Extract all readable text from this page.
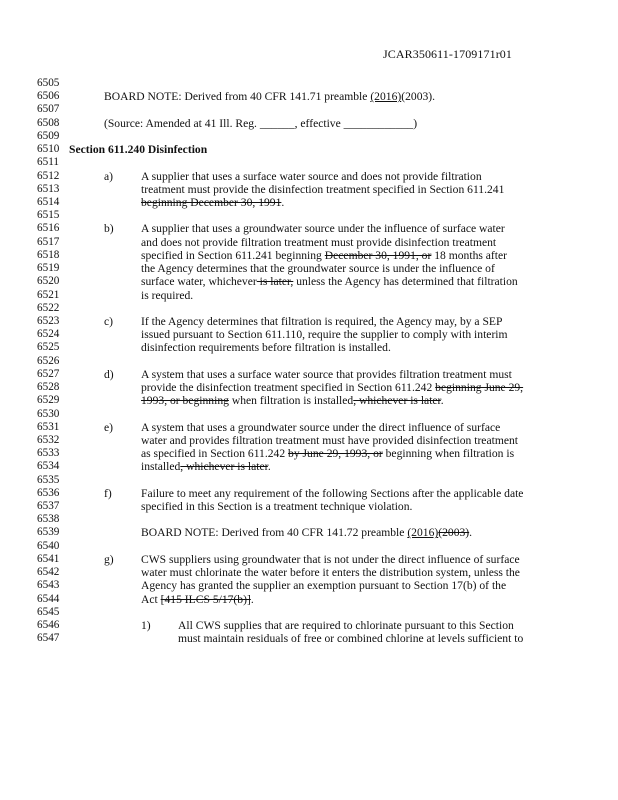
JCAR350611-1709171r01
6505
6506	BOARD NOTE: Derived from 40 CFR 141.71 preamble (2016)(2003).
6507
6508	(Source: Amended at 41 Ill. Reg. ______, effective ____________)
6509
6510 Section 611.240 Disinfection
6511
6512	a) A supplier that uses a surface water source and does not provide filtration
6513	treatment must provide the disinfection treatment specified in Section 611.241
6514	beginning December 30, 1991.
6515
6516	b) A supplier that uses a groundwater source under the influence of surface water
6517	and does not provide filtration treatment must provide disinfection treatment
6518	specified in Section 611.241 beginning December 30, 1991, or 18 months after
6519	the Agency determines that the groundwater source is under the influence of
6520	surface water, whichever is later, unless the Agency has determined that filtration
6521	is required.
6522
6523	c) If the Agency determines that filtration is required, the Agency may, by a SEP
6524	issued pursuant to Section 611.110, require the supplier to comply with interim
6525	disinfection requirements before filtration is installed.
6526
6527	d) A system that uses a surface water source that provides filtration treatment must
6528	provide the disinfection treatment specified in Section 611.242 beginning June 29,
6529	1993, or beginning when filtration is installed, whichever is later.
6530
6531	e) A system that uses a groundwater source under the direct influence of surface
6532	water and provides filtration treatment must have provided disinfection treatment
6533	as specified in Section 611.242 by June 29, 1993, or beginning when filtration is
6534	installed, whichever is later.
6535
6536	f)	Failure to meet any requirement of the following Sections after the applicable date
6537	specified in this Section is a treatment technique violation.
6538
6539	BOARD NOTE: Derived from 40 CFR 141.72 preamble (2016)(2003).
6540
6541	g) CWS suppliers using groundwater that is not under the direct influence of surface
6542	water must chlorinate the water before it enters the distribution system, unless the
6543	Agency has granted the supplier an exemption pursuant to Section 17(b) of the
6544	Act [415 ILCS 5/17(b)].
6545
6546	1) All CWS supplies that are required to chlorinate pursuant to this Section
6547	must maintain residuals of free or combined chlorine at levels sufficient to
